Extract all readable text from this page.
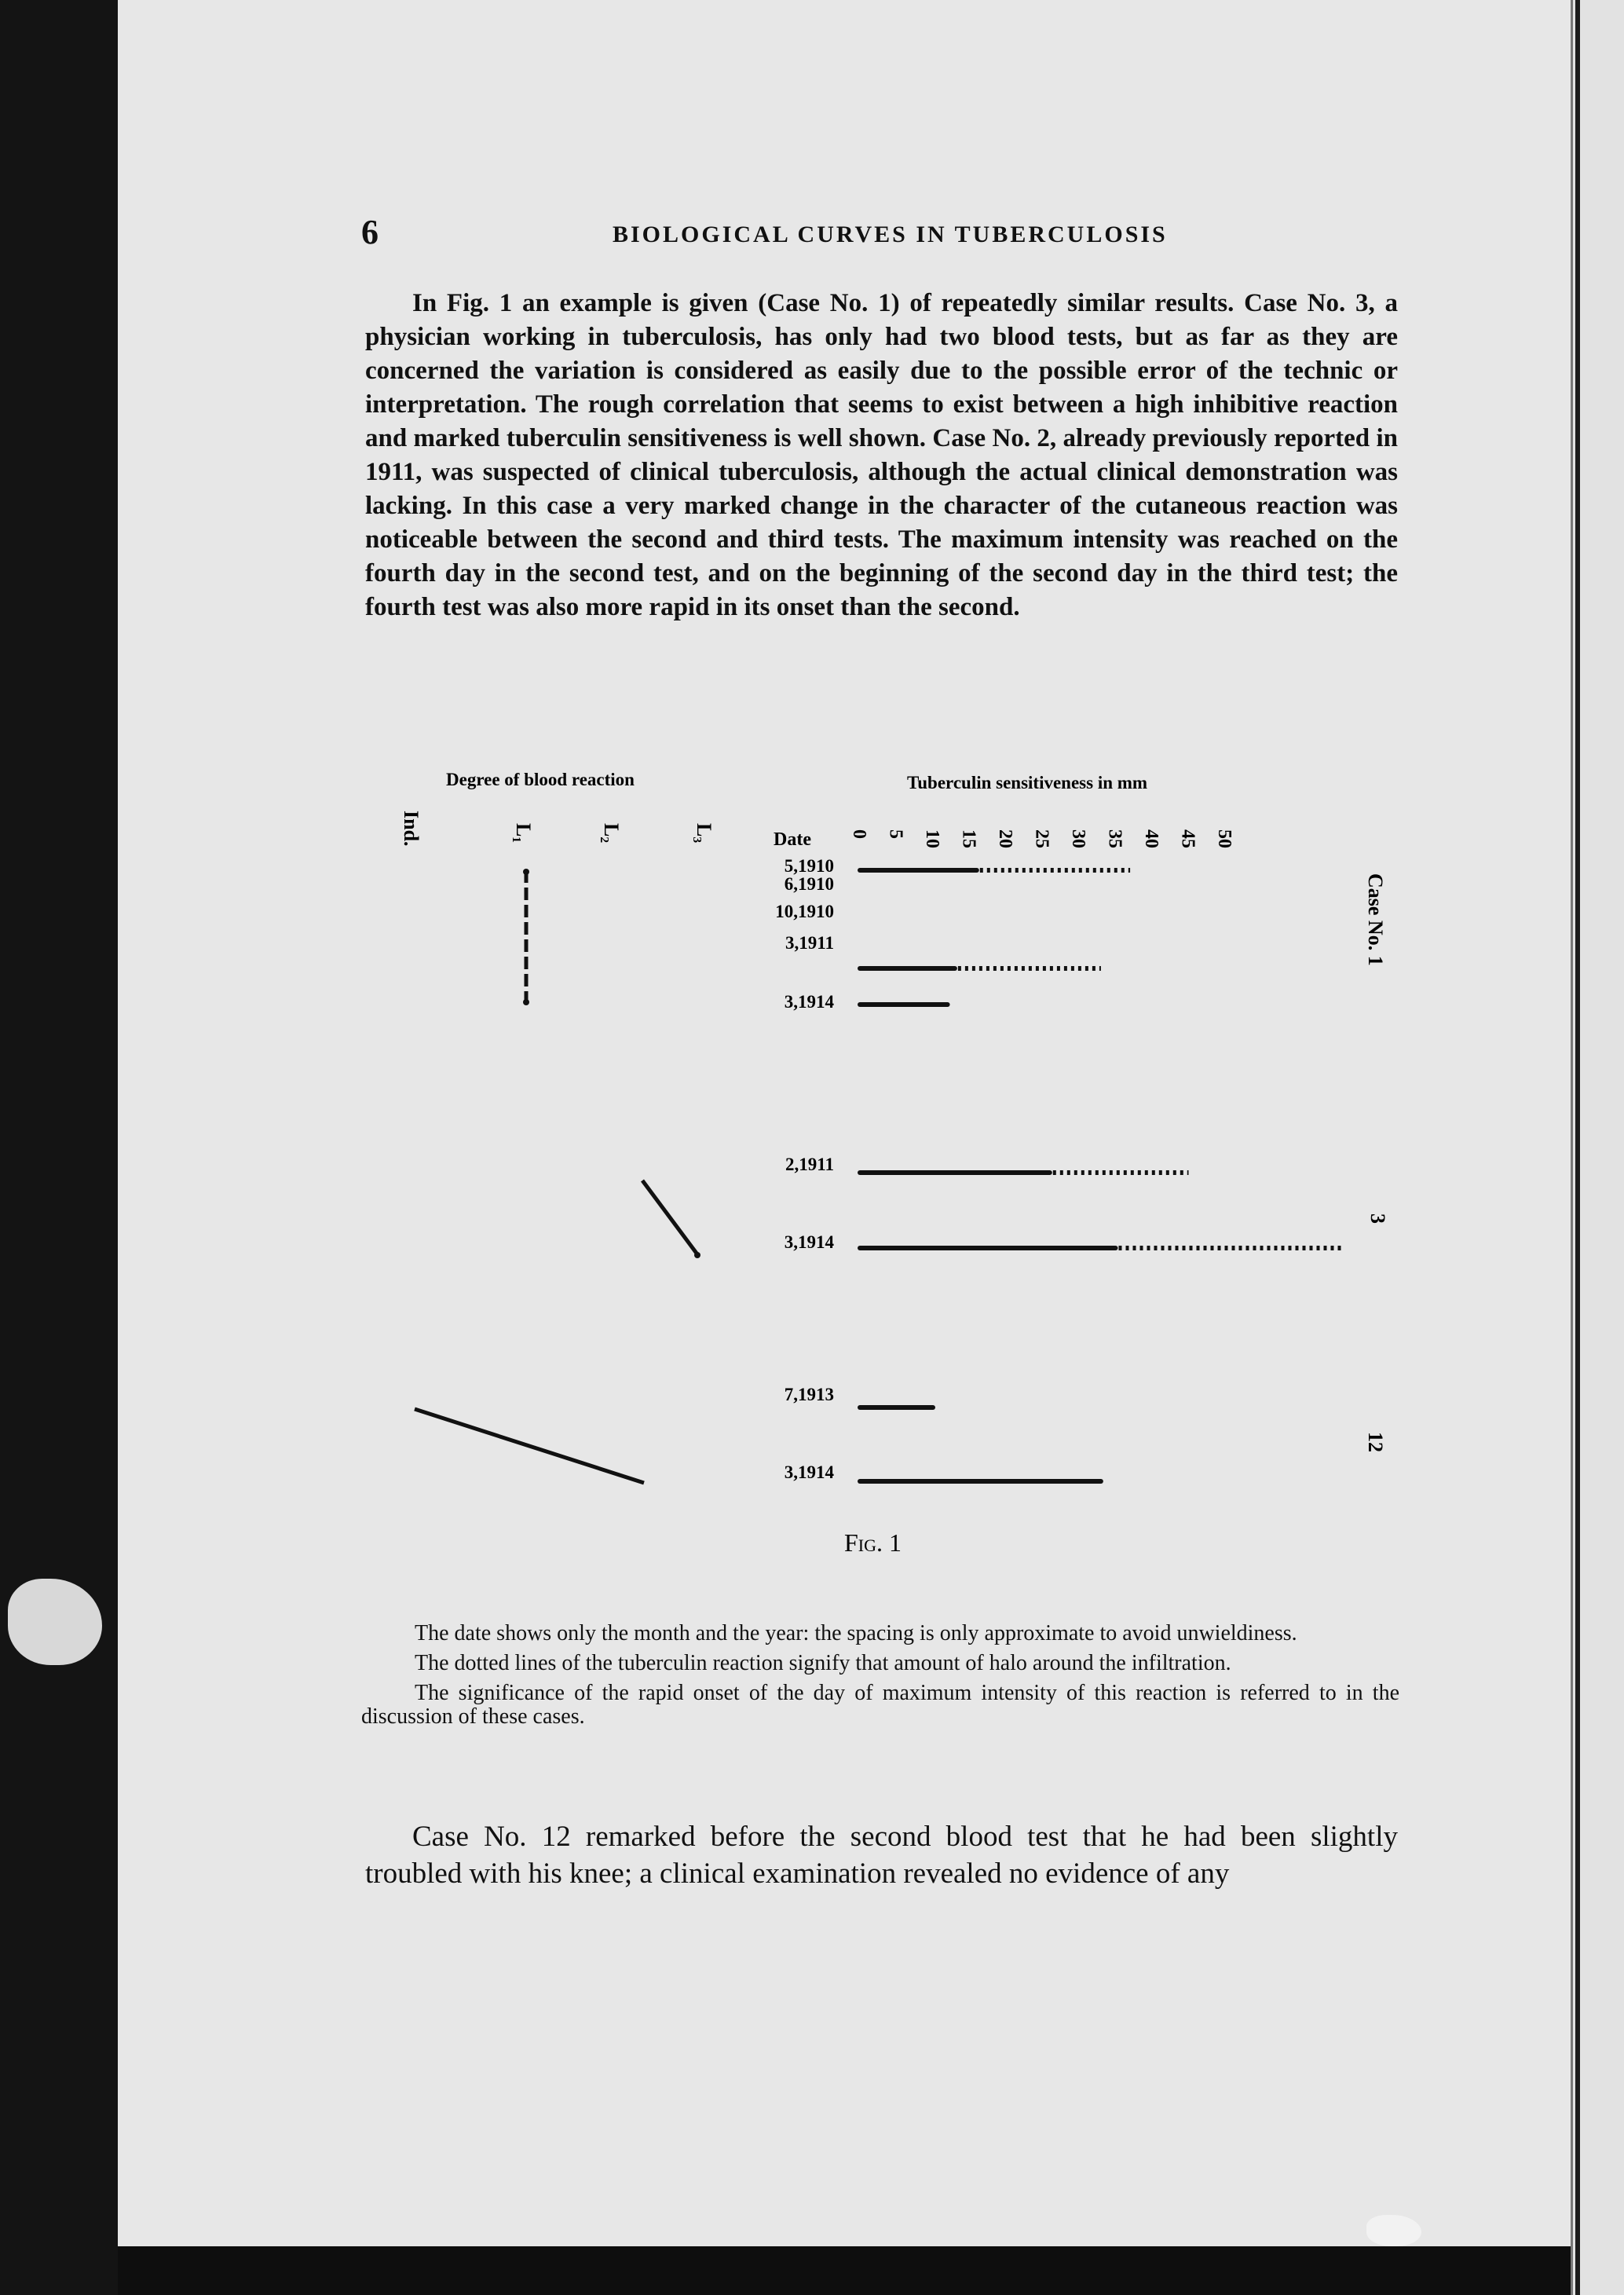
6	BIOLOGICAL CURVES IN TUBERCULOSIS

In Fig. 1 an example is given (Case No. 1) of repeatedly similar results. Case No. 3, a physician working in tuberculosis, has only had two blood tests, but as far as they are concerned the variation is considered as easily due to the possible error of the technic or interpretation. The rough correlation that seems to exist between a high inhibitive reaction and marked tuberculin sensitiveness is well shown. Case No. 2, already previously reported in 1911, was suspected of clinical tuberculosis, although the actual clinical demonstration was lacking. In this case a very marked change in the character of the cutaneous reaction was noticeable between the second and third tests. The maximum intensity was reached on the fourth day in the second test, and on the beginning of the second day in the third test; the fourth test was also more rapid in its onset than the second.

Degree of blood reaction	Tuberculin sensitiveness in mm
Ind.	L₁	L₂	L₃	Date 0 5 10 15 20 25 30 35 40 45 50
5,1910
6,1910
10,1910
3,1911
3,1914
2,1911
3,1914
7,1913
3,1914
Case No. 1
3
12
Fig. 1

The date shows only the month and the year: the spacing is only approximate to avoid unwieldiness.

The dotted lines of the tuberculin reaction signify that amount of halo around the infiltration.

The significance of the rapid onset of the day of maximum intensity of this reaction is referred to in the discussion of these cases.

Case No. 12 remarked before the second blood test that he had been slightly troubled with his knee; a clinical examination revealed no evidence of any
